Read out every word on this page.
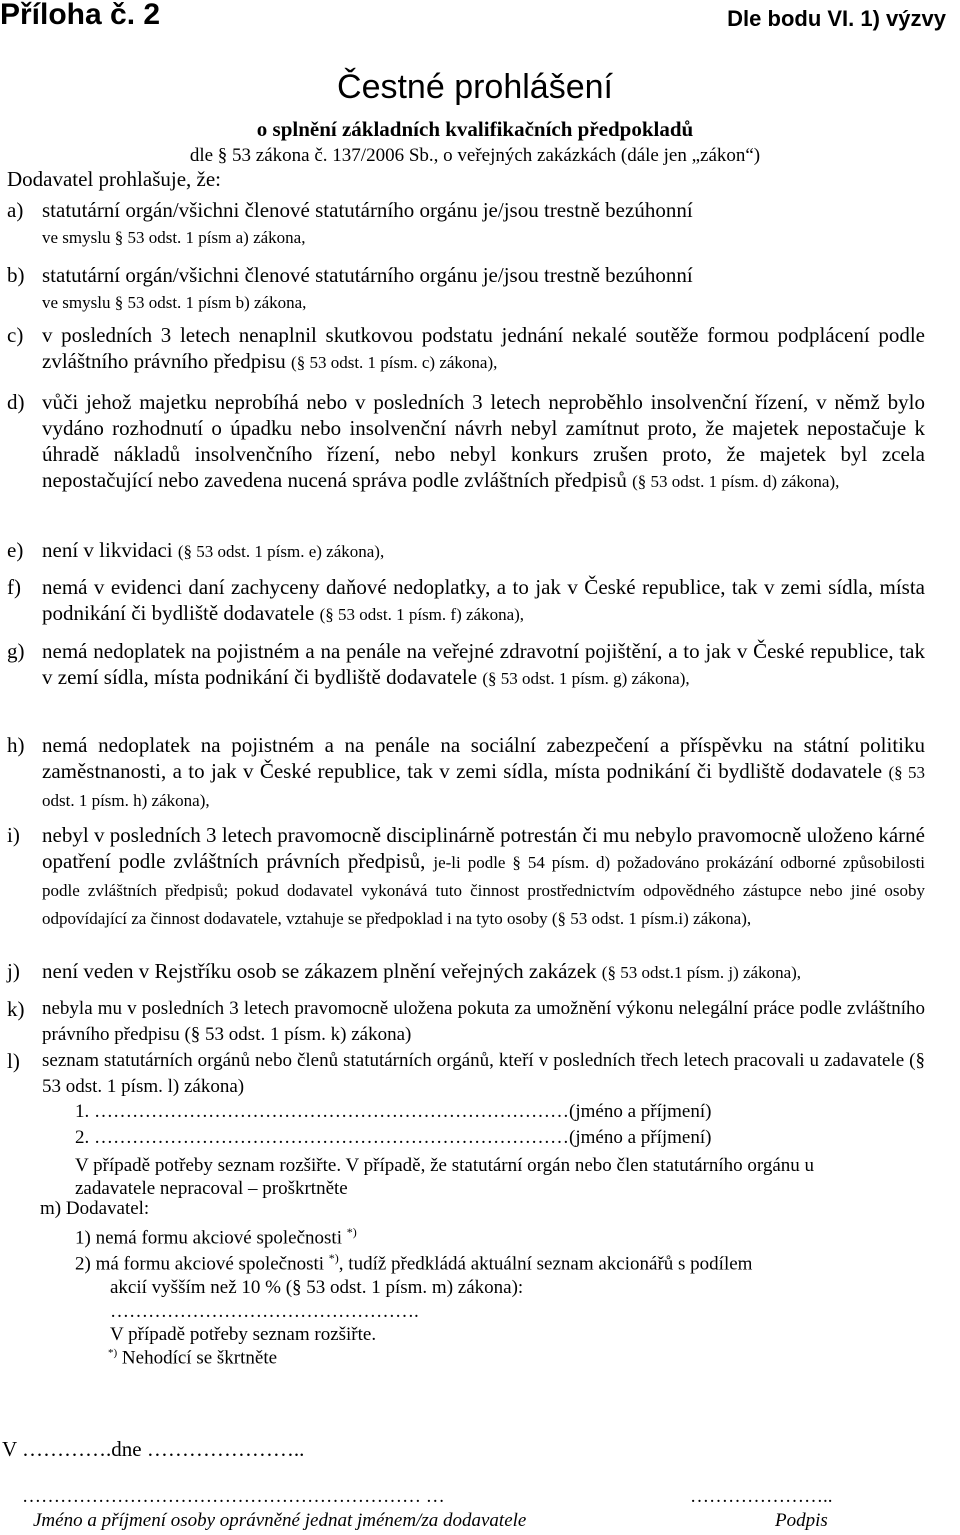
Příloha č. 2	Dle bodu VI. 1) výzvy
Čestné prohlášení
o splnění základních kvalifikačních předpokladů
dle § 53 zákona č. 137/2006 Sb., o veřejných zakázkách (dále jen „zákon“)
Dodavatel prohlašuje, že:
a) statutární orgán/všichni členové statutárního orgánu je/jsou trestně bezúhonní
ve smyslu § 53 odst. 1 písm a) zákona,
b) statutární orgán/všichni členové statutárního orgánu je/jsou trestně bezúhonní
ve smyslu § 53 odst. 1 písm b) zákona,
c) v posledních 3 letech nenaplnil skutkovou podstatu jednání nekalé soutěže formou podplácení podle zvláštního právního předpisu (§ 53 odst. 1 písm. c) zákona),
d) vůči jehož majetku neprobíhá nebo v posledních 3 letech neproběhlo insolvenční řízení, v němž bylo vydáno rozhodnutí o úpadku nebo insolvenční návrh nebyl zamítnut proto, že majetek nepostačuje k úhradě nákladů insolvenčního řízení, nebo nebyl konkurs zrušen proto, že majetek byl zcela nepostačující nebo zavedena nucená správa podle zvláštních předpisů (§ 53 odst. 1 písm. d) zákona),
e) není v likvidaci (§ 53 odst. 1 písm. e) zákona),
f) nemá v evidenci daní zachyceny daňové nedoplatky, a to jak v České republice, tak v zemi sídla, místa podnikání či bydliště dodavatele (§ 53 odst. 1 písm. f) zákona),
g) nemá nedoplatek na pojistném a na penále na veřejné zdravotní pojištění, a to jak v České republice, tak v zemí sídla, místa podnikání či bydliště dodavatele (§ 53 odst. 1 písm. g) zákona),
h) nemá nedoplatek na pojistném a na penále na sociální zabezpečení a příspěvku na státní politiku zaměstnanosti, a to jak v České republice, tak v zemi sídla, místa podnikání či bydliště dodavatele (§ 53 odst. 1 písm. h) zákona),
i) nebyl v posledních 3 letech pravomocně disciplinárně potrestán či mu nebylo pravomocně uloženo kárné opatření podle zvláštních právních předpisů, je-li podle § 54 písm. d) požadováno prokázání odborné způsobilosti podle zvláštních předpisů; pokud dodavatel vykonává tuto činnost prostřednictvím odpovědného zástupce nebo jiné osoby odpovídající za činnost dodavatele, vztahuje se předpoklad i na tyto osoby (§ 53 odst. 1 písm.i) zákona),
j) není veden v Rejstříku osob se zákazem plnění veřejných zakázek (§ 53 odst.1 písm. j) zákona),
k) nebyla mu v posledních 3 letech pravomocně uložena pokuta za umožnění výkonu nelegální práce podle zvláštního právního předpisu (§ 53 odst. 1 písm. k) zákona)
l) seznam statutárních orgánů nebo členů statutárních orgánů, kteří v posledních třech letech pracovali u zadavatele (§ 53 odst. 1 písm. l) zákona)
1. …………………………………………………………………(jméno a příjmení)
2. …………………………………………………………………(jméno a příjmení)
V případě potřeby seznam rozšiřte. V případě, že statutární orgán nebo člen statutárního orgánu u
zadavatele nepracoval – proškrtněte
m) Dodavatel:
1) nemá formu akciové společnosti *)
2) má formu akciové společnosti *), tudíž předkládá aktuální seznam akcionářů s podílem
akcií vyšším než 10 % (§ 53 odst. 1 písm. m) zákona):
………………………………………….
V případě potřeby seznam rozšiřte.
*) Nehodící se škrtněte
V ………….dne …………………..
……………………………………………………… …	…………………..
Jméno a příjmení osoby oprávněné jednat jménem/za dodavatele	Podpis
